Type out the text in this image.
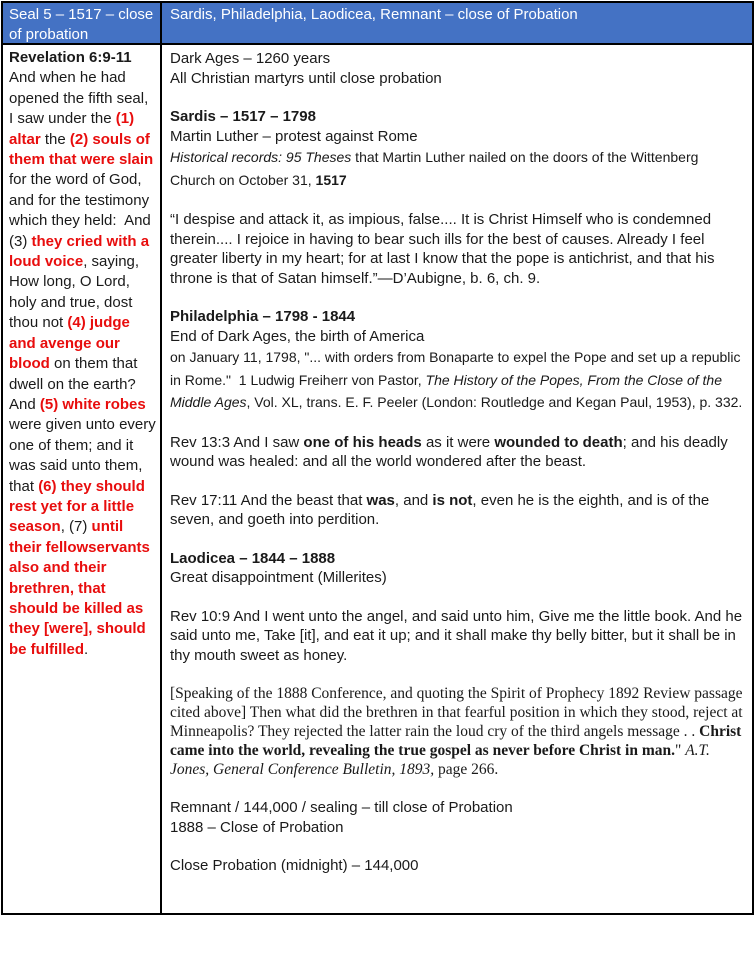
Seal 5 – 1517 – close of probation
Revelation 6:9-11
And when he had opened the fifth seal, I saw under the (1) altar the (2) souls of them that were slain for the word of God, and for the testimony which they held:  And (3) they cried with a loud voice, saying, How long, O Lord, holy and true, dost thou not (4) judge and avenge our blood on them that dwell on the earth? And (5) white robes were given unto every one of them; and it was said unto them, that (6) they should rest yet for a little season, (7) until their fellowservants also and their brethren, that should be killed as they [were], should be fulfilled.
Sardis, Philadelphia, Laodicea, Remnant – close of Probation
Dark Ages – 1260 years
All Christian martyrs until close probation
Sardis – 1517 – 1798
Martin Luther – protest against Rome
Historical records: 95 Theses that Martin Luther nailed on the doors of the Wittenberg Church on October 31, 1517
“I despise and attack it, as impious, false.... It is Christ Himself who is condemned therein.... I rejoice in having to bear such ills for the best of causes. Already I feel greater liberty in my heart; for at last I know that the pope is antichrist, and that his throne is that of Satan himself.”—D’Aubigne, b. 6, ch. 9.
Philadelphia – 1798 - 1844
End of Dark Ages, the birth of America
on January 11, 1798, "... with orders from Bonaparte to expel the Pope and set up a republic in Rome."  1 Ludwig Freiherr von Pastor, The History of the Popes, From the Close of the Middle Ages, Vol. XL, trans. E. F. Peeler (London: Routledge and Kegan Paul, 1953), p. 332.
Rev 13:3 And I saw one of his heads as it were wounded to death; and his deadly wound was healed: and all the world wondered after the beast.
Rev 17:11 And the beast that was, and is not, even he is the eighth, and is of the seven, and goeth into perdition.
Laodicea – 1844 – 1888
Great disappointment (Millerites)
Rev 10:9 And I went unto the angel, and said unto him, Give me the little book. And he said unto me, Take [it], and eat it up; and it shall make thy belly bitter, but it shall be in thy mouth sweet as honey.
[Speaking of the 1888 Conference, and quoting the Spirit of Prophecy 1892 Review passage cited above] Then what did the brethren in that fearful position in which they stood, reject at Minneapolis? They rejected the latter rain the loud cry of the third angels message . . Christ came into the world, revealing the true gospel as never before Christ in man." A.T. Jones, General Conference Bulletin, 1893, page 266.
Remnant / 144,000 / sealing – till close of Probation
1888 – Close of Probation
Close Probation (midnight) – 144,000
